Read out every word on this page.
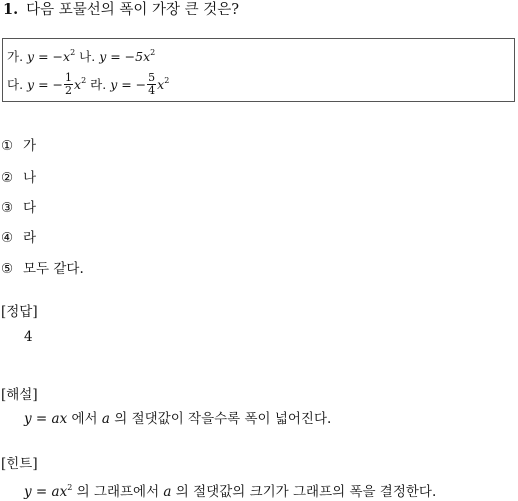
1. 다음 포물선의 폭이 가장 큰 것은?
가. $y = -x^2$ 나. $y = -5x^2$
다. y = − $\frac{1}{2} x^2$ 라. y = − $\frac{5}{4} x^2$
① 가
② 나
③ 다
④ 라
⑤ 모두 같다.
[정답]
4
[해설]
y = ax 에서 a 의 절댓값이 작을수록 폭이 넓어진다.
[힌트]
$y = ax^2$ 의 그래프에서 a 의 절댓값의 크기가 그래프의 폭을 결정한다.
